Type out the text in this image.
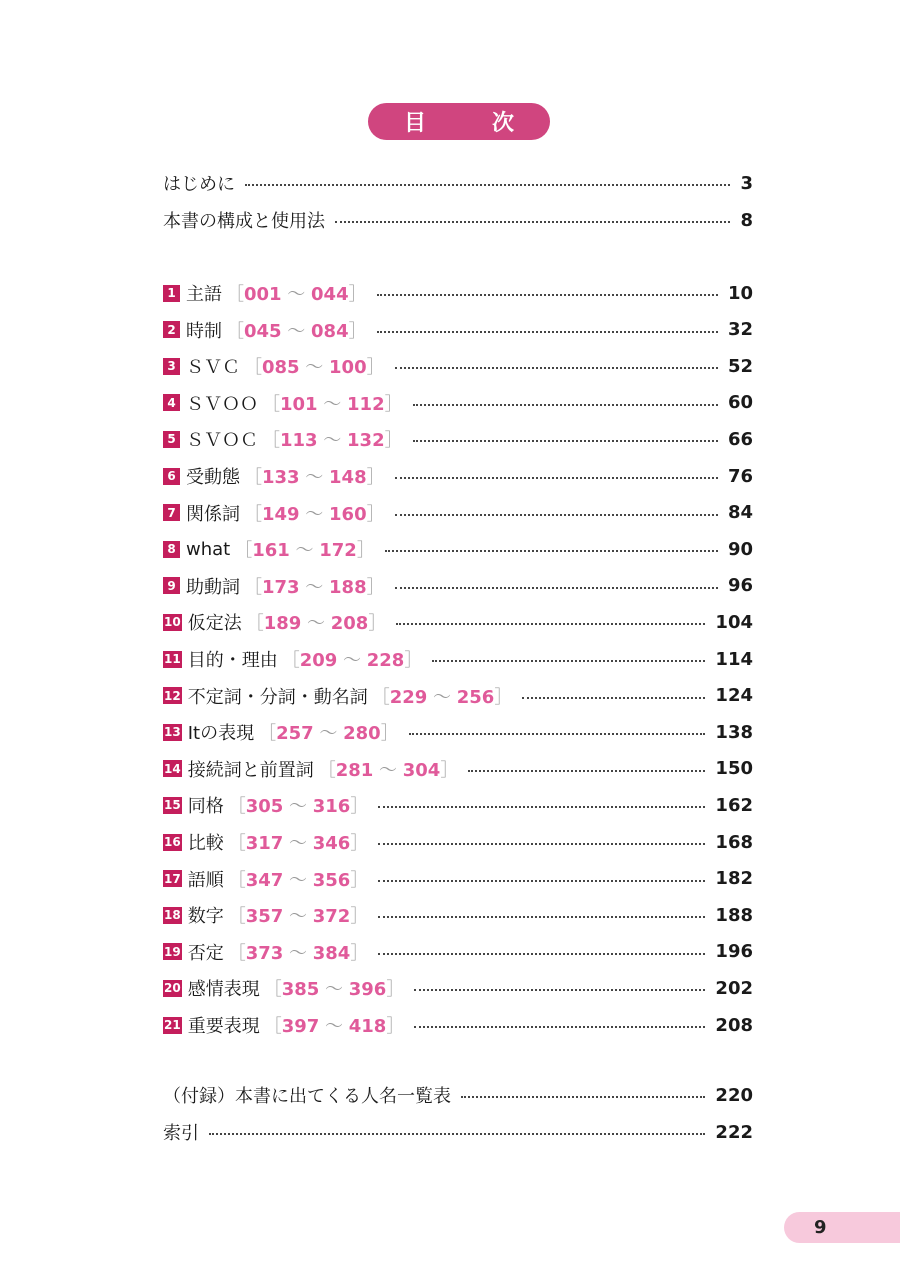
目　次
はじめに	3
本書の構成と使用法	8
1 主語 ［001 ～ 044］	10
2 時制 ［045 ～ 084］	32
3 ＳＶＣ ［085 ～ 100］	52
4 ＳＶＯＯ ［101 ～ 112］	60
5 ＳＶＯＣ ［113 ～ 132］	66
6 受動態 ［133 ～ 148］	76
7 関係詞 ［149 ～ 160］	84
8 what ［161 ～ 172］	90
9 助動詞 ［173 ～ 188］	96
10 仮定法 ［189 ～ 208］	104
11 目的・理由 ［209 ～ 228］	114
12 不定詞・分詞・動名詞 ［229 ～ 256］	124
13 Itの表現 ［257 ～ 280］	138
14 接続詞と前置詞 ［281 ～ 304］	150
15 同格 ［305 ～ 316］	162
16 比較 ［317 ～ 346］	168
17 語順 ［347 ～ 356］	182
18 数字 ［357 ～ 372］	188
19 否定 ［373 ～ 384］	196
20 感情表現 ［385 ～ 396］	202
21 重要表現 ［397 ～ 418］	208
（付録）本書に出てくる人名一覧表	220
索引	222
9
